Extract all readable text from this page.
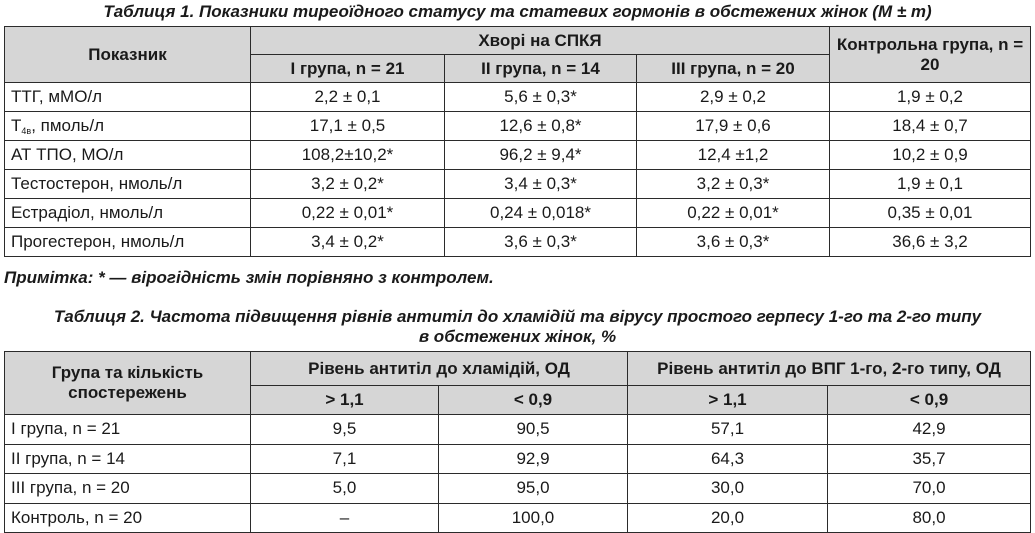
Таблиця 1. Показники тиреоїдного статусу та статевих гормонів в обстежених жінок (М ± m)
Показник	Хворі на СПКЯ			Контрольна група, n = 20
	І група, n = 21	ІІ група, n = 14	ІІІ група, n = 20	
ТТГ, мМО/л	2,2 ± 0,1	5,6 ± 0,3*	2,9 ± 0,2	1,9 ± 0,2
$Т_{4в}$, пмоль/л	17,1 ± 0,5	12,6 ± 0,8*	17,9 ± 0,6	18,4 ± 0,7
АТ ТПО, МО/л	108,2±10,2*	96,2 ± 9,4*	12,4 ±1,2	10,2 ± 0,9
Тестостерон, нмоль/л	3,2 ± 0,2*	3,4 ± 0,3*	3,2 ± 0,3*	1,9 ± 0,1
Естрадіол, нмоль/л	0,22 ± 0,01*	0,24 ± 0,018*	0,22 ± 0,01*	0,35 ± 0,01
Прогестерон, нмоль/л	3,4 ± 0,2*	3,6 ± 0,3*	3,6 ± 0,3*	36,6 ± 3,2
Примітка: * — вірогідність змін порівняно з контролем.
Таблиця 2. Частота підвищення рівнів антитіл до хламідій та вірусу простого герпесу 1-го та 2-го типу
в обстежених жінок, %
Група та кількість спостережень	Рівень антитіл до хламідій, ОД		Рівень антитіл до ВПГ 1-го, 2-го типу, ОД	
	> 1,1	< 0,9	> 1,1	< 0,9
І група, n = 21	9,5	90,5	57,1	42,9
ІІ група, n = 14	7,1	92,9	64,3	35,7
ІІІ група, n = 20	5,0	95,0	30,0	70,0
Контроль, n = 20	–	100,0	20,0	80,0
